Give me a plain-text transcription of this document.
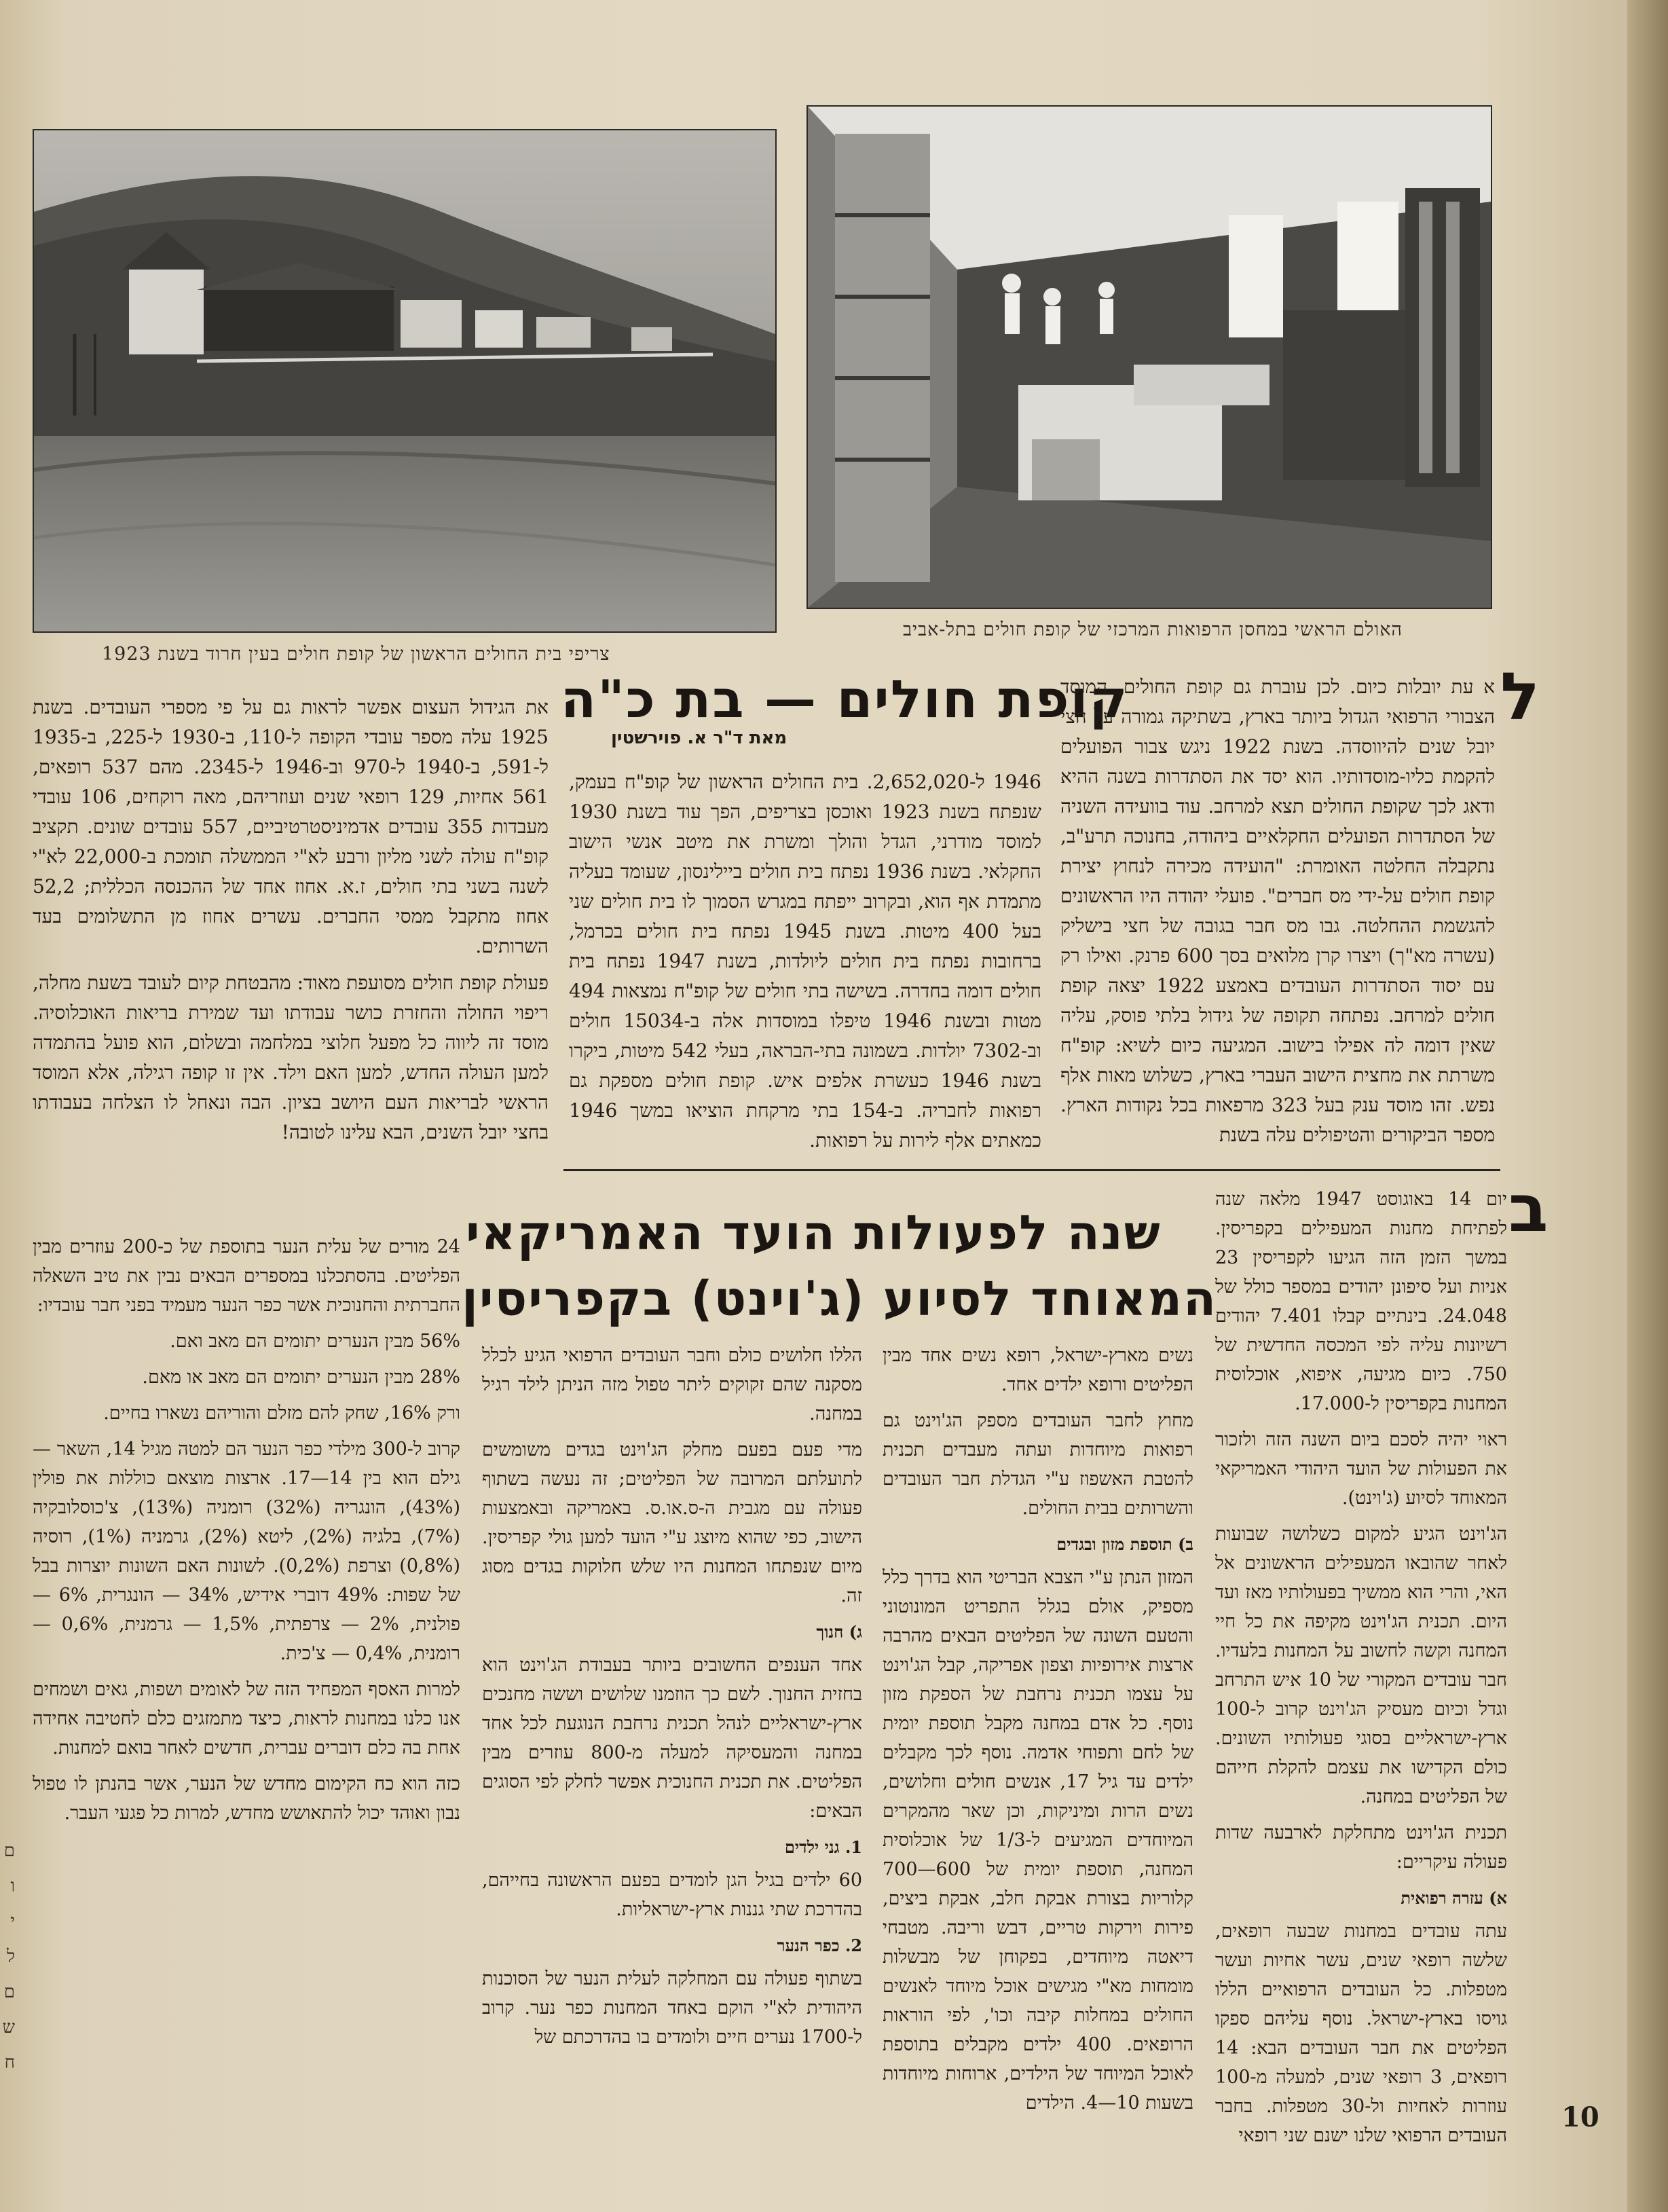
צריפי בית החולים הראשון של קופת חולים בעין חרוד בשנת 1923
האולם הראשי במחסן הרפואות המרכזי של קופת חולים בתל-אביב
קופת חולים — בת כ"ה
מאת ד"ר א. פוירשטין
ל

א עת יובלות כיום. לכן עוברת גם קופת החולים, המוסד הצבורי הרפואי הגדול ביותר בארץ, בשתיקה גמורה על חצי יובל שנים להיווסדה. בשנת 1922 ניגש צבור הפועלים להקמת כליו-מוסדותיו. הוא יסד את הסתדרות בשנה ההיא ודאג לכך שקופת החולים תצא למרחב. עוד בוועידה השניה של הסתדרות הפועלים החקלאיים ביהודה, בחנוכה תרע"ב, נתקבלה החלטה האומרת: "הועידה מכירה לנחוץ יצירת קופת חולים על-ידי מס חברים". פועלי יהודה היו הראשונים להגשמת ההחלטה. גבו מס חבר בגובה של חצי בישליק (עשרה מא"ך) ויצרו קרן מלואים בסך 600 פרנק. ואילו רק עם יסוד הסתדרות העובדים באמצע 1922 יצאה קופת חולים למרחב. נפתחה תקופה של גידול בלתי פוסק, עליה שאין דומה לה אפילו בישוב. המגיעה כיום לשיא: קופ"ח משרתת את מחצית הישוב העברי בארץ, כשלוש מאות אלף נפש. זהו מוסד ענק בעל 323 מרפאות בכל נקודות הארץ. מספר הביקורים והטיפולים עלה בשנת

1946 ל-2,652,020. בית החולים הראשון של קופ"ח בעמק, שנפתח בשנת 1923 ואוכסן בצריפים, הפך עוד בשנת 1930 למוסד מודרני, הגדל והולך ומשרת את מיטב אנשי הישוב החקלאי. בשנת 1936 נפתח בית חולים ביילינסון, שעומד בעליה מתמדת אף הוא, ובקרוב ייפתח במגרש הסמוך לו בית חולים שני בעל 400 מיטות. בשנת 1945 נפתח בית חולים בכרמל, ברחובות נפתח בית חולים ליולדות, בשנת 1947 נפתח בית חולים דומה בחדרה. בשישה בתי חולים של קופ"ח נמצאות 494 מטות ובשנת 1946 טיפלו במוסדות אלה ב-15034 חולים וב-7302 יולדות. בשמונה בתי-הבראה, בעלי 542 מיטות, ביקרו בשנת 1946 כעשרת אלפים איש. קופת חולים מספקת גם רפואות לחבריה. ב-154 בתי מרקחת הוציאו במשך 1946 כמאתים אלף לירות על רפואות.

את הגידול העצום אפשר לראות גם על פי מספרי העובדים. בשנת 1925 עלה מספר עובדי הקופה ל-110, ב-1930 ל-225, ב-1935 ל-591, ב-1940 ל-970 וב-1946 ל-2345. מהם 537 רופאים, 561 אחיות, 129 רופאי שנים ועוזריהם, מאה רוקחים, 106 עובדי מעבדות 355 עובדים אדמיניסטרטיביים, 557 עובדים שונים. תקציב קופ"ח עולה לשני מליון ורבע לא"י הממשלה תומכת ב-22,000 לא"י לשנה בשני בתי חולים, ז.א. אחוז אחד של ההכנסה הכללית; 52,2 אחוז מתקבל ממסי החברים. עשרים אחוז מן התשלומים בעד השרותים.

פעולת קופת חולים מסועפת מאוד: מהבטחת קיום לעובד בשעת מחלה, ריפוי החולה והחזרת כושר עבודתו ועד שמירת בריאות האוכלוסיה. מוסד זה ליווה כל מפעל חלוצי במלחמה ובשלום, הוא פועל בהתמדה למען העולה החדש, למען האם וילד. אין זו קופה רגילה, אלא המוסד הראשי לבריאות העם היושב בציון. הבה ונאחל לו הצלחה בעבודתו בחצי יובל השנים, הבא עלינו לטובה!

שנה לפעולות הועד האמריקאי
המאוחד לסיוע (ג'וינט) בקפריסין
ב

יום 14 באוגוסט 1947 מלאה שנה לפתיחת מחנות המעפילים בקפריסין. במשך הזמן הזה הגיעו לקפריסין 23 אניות ועל סיפונן יהודים במספר כולל של 24.048. בינתיים קבלו 7.401 יהודים רשיונות עליה לפי המכסה החדשית של 750. כיום מגיעה, איפוא, אוכלוסית המחנות בקפריסין ל-17.000.

ראוי יהיה לסכם ביום השנה הזה ולזכור את הפעולות של הועד היהודי האמריקאי המאוחד לסיוע (ג'וינט).

הג'וינט הגיע למקום כשלושה שבועות לאחר שהובאו המעפילים הראשונים אל האי, והרי הוא ממשיך בפעולותיו מאז ועד היום. תכנית הג'וינט מקיפה את כל חיי המחנה וקשה לחשוב על המחנות בלעדיו. חבר עובדים המקורי של 10 איש התרחב וגדל וכיום מעסיק הג'וינט קרוב ל-100 ארץ-ישראליים בסוגי פעולותיו השונים. כולם הקדישו את עצמם להקלת חייהם של הפליטים במחנה.

תכנית הג'וינט מתחלקת לארבעה שדות פעולה עיקריים:

א) עזרה רפואית

עתה עובדים במחנות שבעה רופאים, שלשה רופאי שנים, עשר אחיות ועשר מטפלות. כל העובדים הרפואיים הללו גויסו בארץ-ישראל. נוסף עליהם ספקו הפליטים את חבר העובדים הבא: 14 רופאים, 3 רופאי שנים, למעלה מ-100 עוזרות לאחיות ול-30 מטפלות. בחבר העובדים הרפואי שלנו ישנם שני רופאי

נשים מארץ-ישראל, רופא נשים אחד מבין הפליטים ורופא ילדים אחד.

מחוץ לחבר העובדים מספק הג'וינט גם רפואות מיוחדות ועתה מעבדים תכנית להטבת האשפוז ע"י הגדלת חבר העובדים והשרותים בבית החולים.

ב) תוספת מזון ובגדים

המזון הנתן ע"י הצבא הבריטי הוא בדרך כלל מספיק, אולם בגלל התפריט המונוטוני והטעם השונה של הפליטים הבאים מהרבה ארצות אירופיות וצפון אפריקה, קבל הג'וינט על עצמו תכנית נרחבת של הספקת מזון נוסף. כל אדם במחנה מקבל תוספת יומית של לחם ותפוחי אדמה. נוסף לכך מקבלים ילדים עד גיל 17, אנשים חולים וחלושים, נשים הרות ומיניקות, וכן שאר מהמקרים המיוחדים המגיעים ל-1/3 של אוכלוסית המחנה, תוספת יומית של 600—700 קלוריות בצורת אבקת חלב, אבקת ביצים, פירות וירקות טריים, דבש וריבה. מטבחי דיאטה מיוחדים, בפקוחן של מבשלות מומחות מא"י מגישים אוכל מיוחד לאנשים החולים במחלות קיבה וכו', לפי הוראות הרופאים. 400 ילדים מקבלים בתוספת לאוכל המיוחד של הילדים, ארוחות מיוחדות בשעות 10—4. הילדים

הללו חלושים כולם וחבר העובדים הרפואי הגיע לכלל מסקנה שהם זקוקים ליתר טפול מזה הניתן לילד רגיל במחנה.

מדי פעם בפעם מחלק הג'וינט בגדים משומשים לתועלתם המרובה של הפליטים; זה נעשה בשתוף פעולה עם מגבית ה-ס.או.ס. באמריקה ובאמצעות הישוב, כפי שהוא מיוצג ע"י הועד למען גולי קפריסין. מיום שנפתחו המחנות היו שלש חלוקות בגדים מסוג זה.

ג) חנוך

אחד הענפים החשובים ביותר בעבודת הג'וינט הוא בחזית החנוך. לשם כך הוזמנו שלושים וששה מחנכים ארץ-ישראליים לנהל תכנית נרחבת הנוגעת לכל אחד במחנה והמעסיקה למעלה מ-800 עוזרים מבין הפליטים. את תכנית החנוכית אפשר לחלק לפי הסוגים הבאים:

1. גני ילדים

60 ילדים בגיל הגן לומדים בפעם הראשונה בחייהם, בהדרכת שתי גננות ארץ-ישראליות.

2. כפר הנער

בשתוף פעולה עם המחלקה לעלית הנער של הסוכנות היהודית לא"י הוקם באחד המחנות כפר נער. קרוב ל-1700 נערים חיים ולומדים בו בהדרכתם של

24 מורים של עלית הנער בתוספת של כ-200 עוזרים מבין הפליטים. בהסתכלנו במספרים הבאים נבין את טיב השאלה החברתית והחנוכית אשר כפר הנער מעמיד בפני חבר עובדיו:

56% מבין הנערים יתומים הם מאב ואם.

28% מבין הנערים יתומים הם מאב או מאם.

ורק 16%, שחק להם מזלם והוריהם נשארו בחיים.

קרוב ל-300 מילדי כפר הנער הם למטה מגיל 14, השאר — גילם הוא בין 14—17. ארצות מוצאם כוללות את פולין (43%), הונגריה (32%) רומניה (13%), צ'כוסלובקיה (7%), בלגיה (2%), ליטא (2%), גרמניה (1%), רוסיה (0,8%) וצרפת (0,2%). לשונות האם השונות יוצרות בבל של שפות: 49% דוברי אידיש, 34% — הונגרית, 6% — פולנית, 2% — צרפתית, 1,5% — גרמנית, 0,6% — רומנית, 0,4% — צ'כית.

למרות האסף המפחיד הזה של לאומים ושפות, גאים ושמחים אנו כלנו במחנות לראות, כיצד מתמזגים כלם לחטיבה אחידה אחת בה כלם דוברים עברית, חדשים לאחר בואם למחנות.

כזה הוא כח הקימום מחדש של הנער, אשר בהנתן לו טפול נבון ואוהד יכול להתאושש מחדש, למרות כל פגעי העבר.

ם
ו
י
ל
ם
ש
ח
10
